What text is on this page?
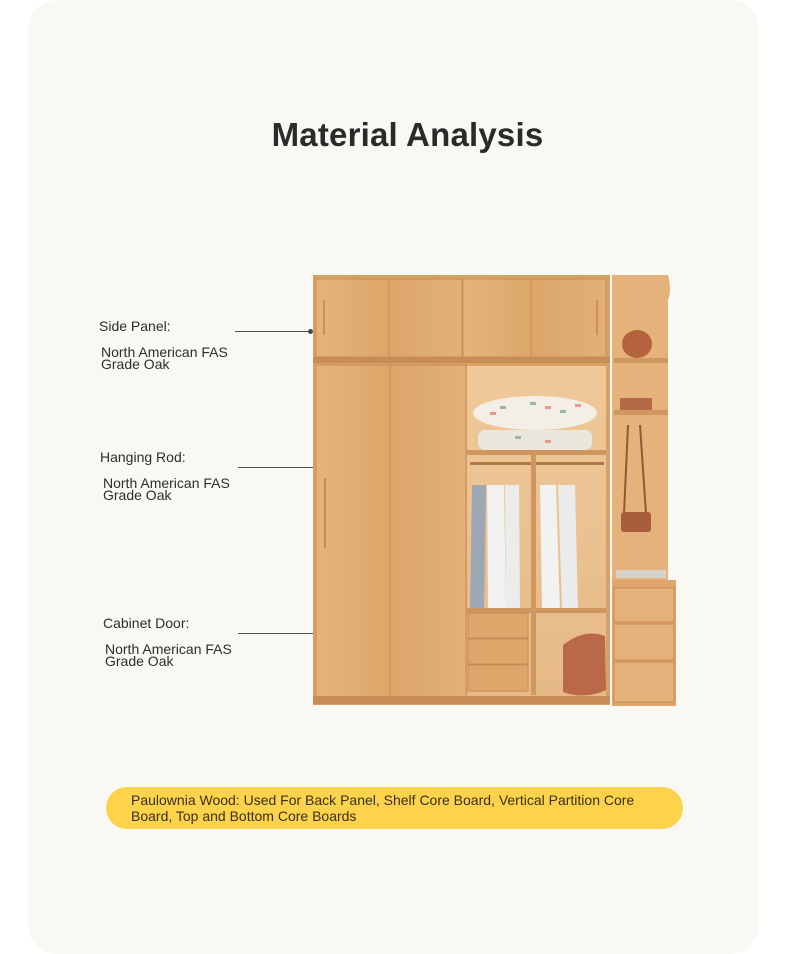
Material Analysis
Side Panel:
North American FAS Grade Oak
Hanging Rod:
North American FAS Grade Oak
Cabinet Door:
North American FAS Grade Oak
Paulownia Wood: Used For Back Panel, Shelf Core Board, Vertical Partition Core Board, Top and Bottom Core Boards
